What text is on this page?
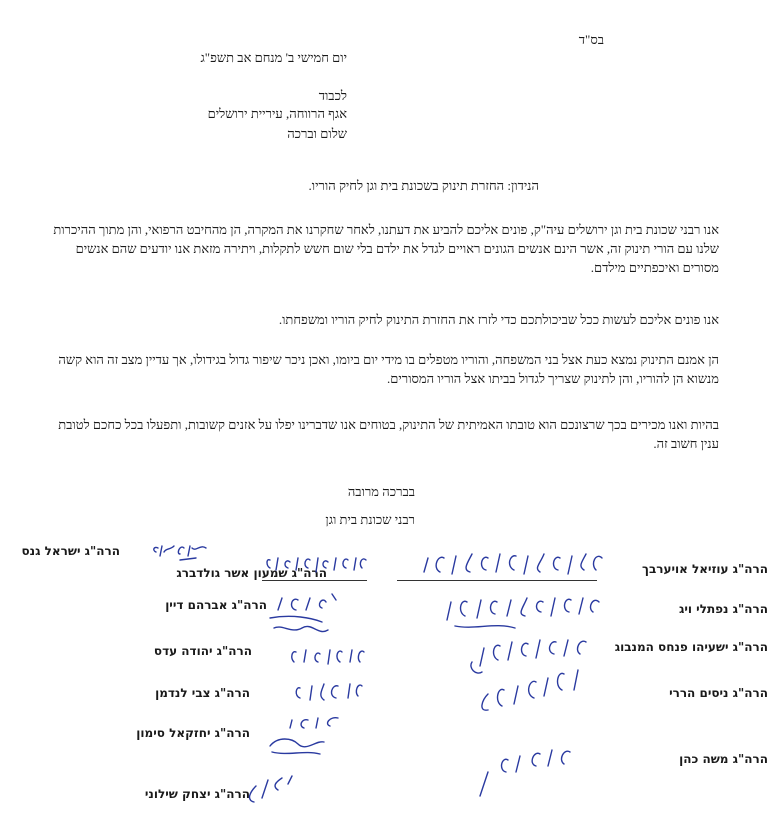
בס"ד
יום חמישי ב' מנחם אב תשפ"ג
לכבוד
אגף הרווחה, עיריית ירושלים
שלום וברכה
הנידון: החזרת תינוק בשכונת בית וגן לחיק הוריו.
אנו רבני שכונת בית וגן ירושלים עיה"ק, פונים אליכם להביע את דעתנו, לאחר שחקרנו את המקרה, הן מהחיבט הרפואי, והן מתוך ההיכרות שלנו עם הורי תינוק זה, אשר הינם אנשים הגונים ראויים לגדל את ילדם בלי שום חשש לתקלות, ויתירה מזאת אנו יודעים שהם אנשים מסורים ואיכפתיים מילדם.
אנו פונים אליכם לעשות ככל שביכולתכם כדי לזרז את החזרת התינוק לחיק הוריו ומשפחתו.
הן אמנם התינוק נמצא כעת אצל בני המשפחה, והוריו מטפלים בו מידי יום ביומו, ואכן ניכר שיפור גדול בגידולו, אך עדיין מצב זה הוא קשה מנשוא הן להוריו, והן לתינוק שצריך לגדול בביתו אצל הוריו המסורים.
בהיות ואנו מכירים בכך שרצונכם הוא טובתו האמיתית של התינוק, בטוחים אנו שדברינו יפלו על אזנים קשובות, ותפעלו בכל כחכם לטובת ענין חשוב זה.
בברכה מרובה
רבני שכונת בית וגן
הרה"ג ישראל גנס
הרה"ג שמעון אשר גולדברג
הרה"ג אברהם דיין
הרה"ג יהודה עדס
הרה"ג צבי לנדמן
הרה"ג יחזקאל סימון
הרה"ג יצחק שילוני
הרה"ג עוזיאל אויערבך
הרה"ג נפתלי ויג
הרה"ג ישעיהו פנחס המנבוג
הרה"ג ניסים הררי
הרה"ג משה כהן
